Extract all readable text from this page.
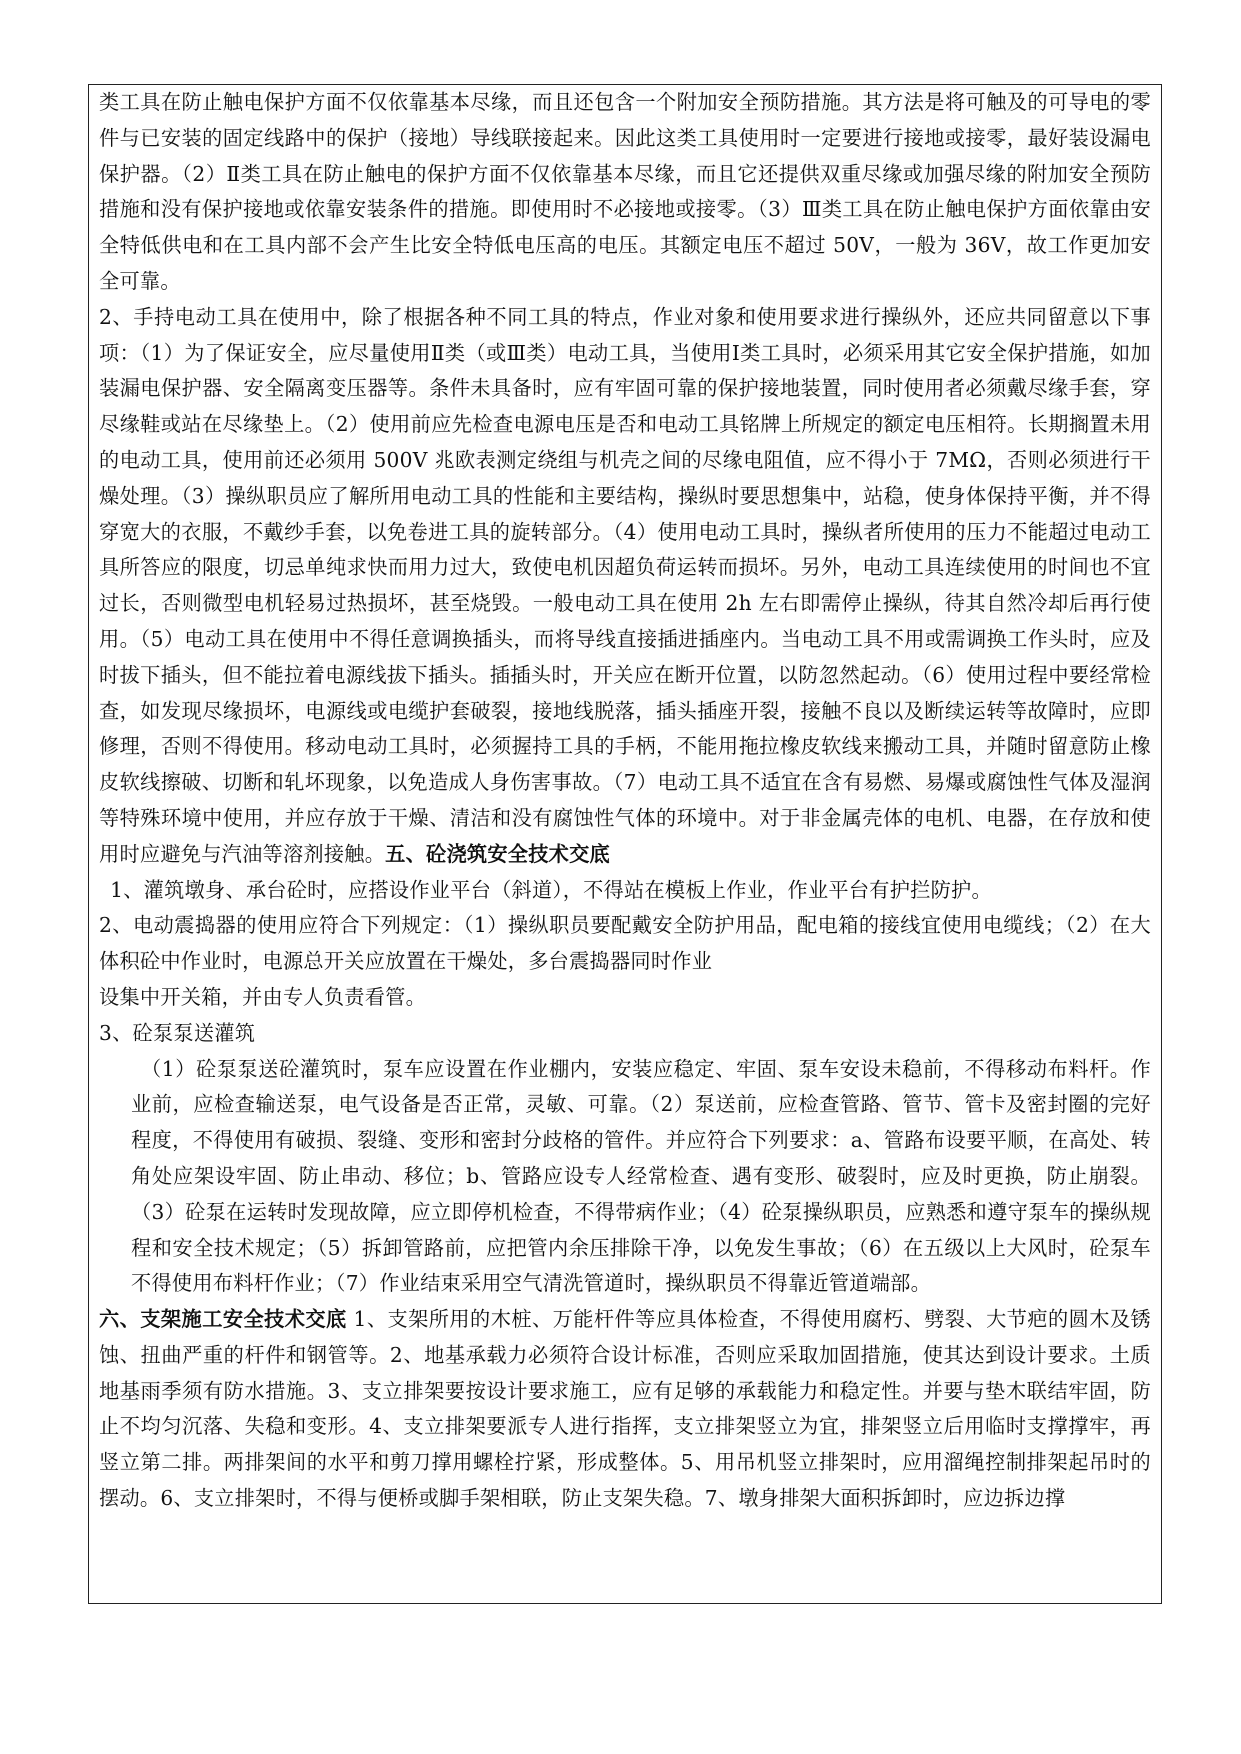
类工具在防止触电保护方面不仅依靠基本尽缘，而且还包含一个附加安全预防措施。其方法是将可触及的可导电的零件与已安装的固定线路中的保护（接地）导线联接起来。因此这类工具使用时一定要进行接地或接零，最好装设漏电保护器。（2）Ⅱ类工具在防止触电的保护方面不仅依靠基本尽缘，而且它还提供双重尽缘或加强尽缘的附加安全预防措施和没有保护接地或依靠安装条件的措施。即使用时不必接地或接零。（3）Ⅲ类工具在防止触电保护方面依靠由安全特低供电和在工具内部不会产生比安全特低电压高的电压。其额定电压不超过 50V，一般为 36V，故工作更加安全可靠。

2、手持电动工具在使用中，除了根据各种不同工具的特点，作业对象和使用要求进行操纵外，还应共同留意以下事项：（1）为了保证安全，应尽量使用Ⅱ类（或Ⅲ类）电动工具，当使用Ⅰ类工具时，必须采用其它安全保护措施，如加装漏电保护器、安全隔离变压器等。条件未具备时，应有牢固可靠的保护接地装置，同时使用者必须戴尽缘手套，穿尽缘鞋或站在尽缘垫上。（2）使用前应先检查电源电压是否和电动工具铭牌上所规定的额定电压相符。长期搁置未用的电动工具，使用前还必须用 500V 兆欧表测定绕组与机壳之间的尽缘电阻值，应不得小于 7MΩ，否则必须进行干燥处理。（3）操纵职员应了解所用电动工具的性能和主要结构，操纵时要思想集中，站稳，使身体保持平衡，并不得穿宽大的衣服，不戴纱手套，以免卷进工具的旋转部分。（4）使用电动工具时，操纵者所使用的压力不能超过电动工具所答应的限度，切忌单纯求快而用力过大，致使电机因超负荷运转而损坏。另外，电动工具连续使用的时间也不宜过长，否则微型电机轻易过热损坏，甚至烧毁。一般电动工具在使用 2h 左右即需停止操纵，待其自然冷却后再行使用。（5）电动工具在使用中不得任意调换插头，而将导线直接插进插座内。当电动工具不用或需调换工作头时，应及时拔下插头，但不能拉着电源线拔下插头。插插头时，开关应在断开位置，以防忽然起动。（6）使用过程中要经常检查，如发现尽缘损坏，电源线或电缆护套破裂，接地线脱落，插头插座开裂，接触不良以及断续运转等故障时，应即修理，否则不得使用。移动电动工具时，必须握持工具的手柄，不能用拖拉橡皮软线来搬动工具，并随时留意防止橡皮软线擦破、切断和轧坏现象，以免造成人身伤害事故。（7）电动工具不适宜在含有易燃、易爆或腐蚀性气体及湿润等特殊环境中使用，并应存放于干燥、清洁和没有腐蚀性气体的环境中。对于非金属壳体的电机、电器，在存放和使用时应避免与汽油等溶剂接触。五、砼浇筑安全技术交底

1、灌筑墩身、承台砼时，应搭设作业平台（斜道），不得站在模板上作业，作业平台有护拦防护。

2、电动震捣器的使用应符合下列规定：（1）操纵职员要配戴安全防护用品，配电箱的接线宜使用电缆线；（2）在大体积砼中作业时，电源总开关应放置在干燥处，多台震捣器同时作业

设集中开关箱，并由专人负责看管。

3、砼泵泵送灌筑

（1）砼泵泵送砼灌筑时，泵车应设置在作业棚内，安装应稳定、牢固、泵车安设未稳前，不得移动布料杆。作业前，应检查输送泵，电气设备是否正常，灵敏、可靠。（2）泵送前，应检查管路、管节、管卡及密封圈的完好程度，不得使用有破损、裂缝、变形和密封分歧格的管件。并应符合下列要求：a、管路布设要平顺，在高处、转角处应架设牢固、防止串动、移位；b、管路应设专人经常检查、遇有变形、破裂时，应及时更换，防止崩裂。（3）砼泵在运转时发现故障，应立即停机检查，不得带病作业；（4）砼泵操纵职员，应熟悉和遵守泵车的操纵规程和安全技术规定；（5）拆卸管路前，应把管内余压排除干净，以免发生事故；（6）在五级以上大风时，砼泵车不得使用布料杆作业；（7）作业结束采用空气清洗管道时，操纵职员不得靠近管道端部。

六、支架施工安全技术交底 1、支架所用的木桩、万能杆件等应具体检查，不得使用腐朽、劈裂、大节疤的圆木及锈蚀、扭曲严重的杆件和钢管等。2、地基承载力必须符合设计标准，否则应采取加固措施，使其达到设计要求。土质地基雨季须有防水措施。3、支立排架要按设计要求施工，应有足够的承载能力和稳定性。并要与垫木联结牢固，防止不均匀沉落、失稳和变形。4、支立排架要派专人进行指挥，支立排架竖立为宜，排架竖立后用临时支撑撑牢，再竖立第二排。两排架间的水平和剪刀撑用螺栓拧紧，形成整体。5、用吊机竖立排架时，应用溜绳控制排架起吊时的摆动。6、支立排架时，不得与便桥或脚手架相联，防止支架失稳。7、墩身排架大面积拆卸时，应边拆边撑
